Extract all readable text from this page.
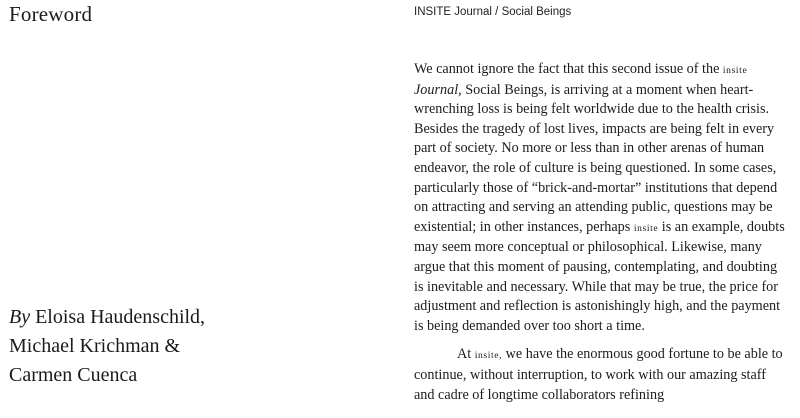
Foreword

By Eloisa Haudenschild, Michael Krichman & Carmen Cuenca

INSITE Journal / Social Beings

We cannot ignore the fact that this second issue of the insite Journal, Social Beings, is arriving at a moment when heart-wrenching loss is being felt worldwide due to the health crisis. Besides the tragedy of lost lives, impacts are being felt in every part of society. No more or less than in other arenas of human endeavor, the role of culture is being questioned. In some cases, particularly those of “brick-and-mortar” institutions that depend on attracting and serving an attending public, questions may be existential; in other instances, perhaps insite is an example, doubts may seem more conceptual or philosophical. Likewise, many argue that this moment of pausing, contemplating, and doubting is inevitable and necessary. While that may be true, the price for adjustment and reflection is astonishingly high, and the payment is being demanded over too short a time.

At insite, we have the enormous good fortune to be able to continue, without interruption, to work with our amazing staff and cadre of longtime collaborators refining
